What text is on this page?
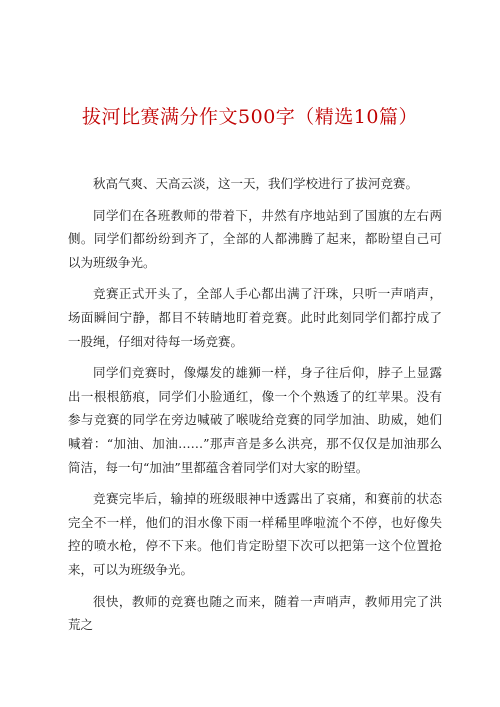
拔河比赛满分作文500字（精选10篇）

秋高气爽、天高云淡，这一天，我们学校进行了拔河竞赛。

同学们在各班教师的带着下，井然有序地站到了国旗的左右两侧。同学们都纷纷到齐了，全部的人都沸腾了起来，都盼望自己可以为班级争光。

竞赛正式开头了，全部人手心都出满了汗珠，只听一声哨声，场面瞬间宁静，都目不转睛地盯着竞赛。此时此刻同学们都拧成了一股绳，仔细对待每一场竞赛。

同学们竞赛时，像爆发的雄狮一样，身子往后仰，脖子上显露出一根根筋痕，同学们小脸通红，像一个个熟透了的红苹果。没有参与竞赛的同学在旁边喊破了喉咙给竞赛的同学加油、助威，她们喊着：“加油、加油……”那声音是多么洪亮，那不仅仅是加油那么简洁，每一句“加油”里都蕴含着同学们对大家的盼望。

竞赛完毕后，输掉的班级眼神中透露出了哀痛，和赛前的状态完全不一样，他们的泪水像下雨一样稀里哗啦流个不停，也好像失控的喷水枪，停不下来。他们肯定盼望下次可以把第一这个位置抢来，可以为班级争光。

很快，教师的竞赛也随之而来，随着一声哨声，教师用完了洪荒之
